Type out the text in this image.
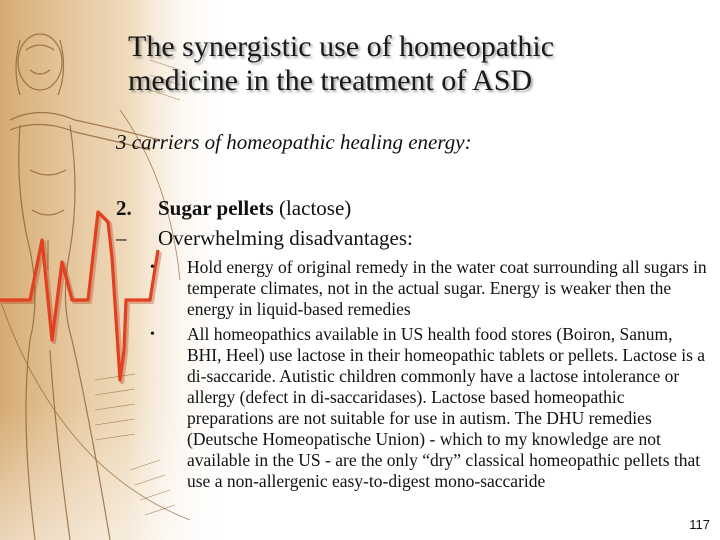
The synergistic use of homeopathic
medicine in the treatment of ASD
3 carriers of homeopathic healing energy:
2. Sugar pellets (lactose)
– Overwhelming disadvantages:
• Hold energy of original remedy in the water coat surrounding all sugars in temperate climates, not in the actual sugar. Energy is weaker then the energy in liquid-based remedies
• All homeopathics available in US health food stores (Boiron, Sanum, BHI, Heel) use lactose in their homeopathic tablets or pellets. Lactose is a di-saccaride. Autistic children commonly have a lactose intolerance or allergy (defect in di-saccaridases). Lactose based homeopathic preparations are not suitable for use in autism. The DHU remedies (Deutsche Homeopatische Union) - which to my knowledge are not available in the US - are the only “dry” classical homeopathic pellets that use a non-allergenic easy-to-digest mono-saccaride
117
